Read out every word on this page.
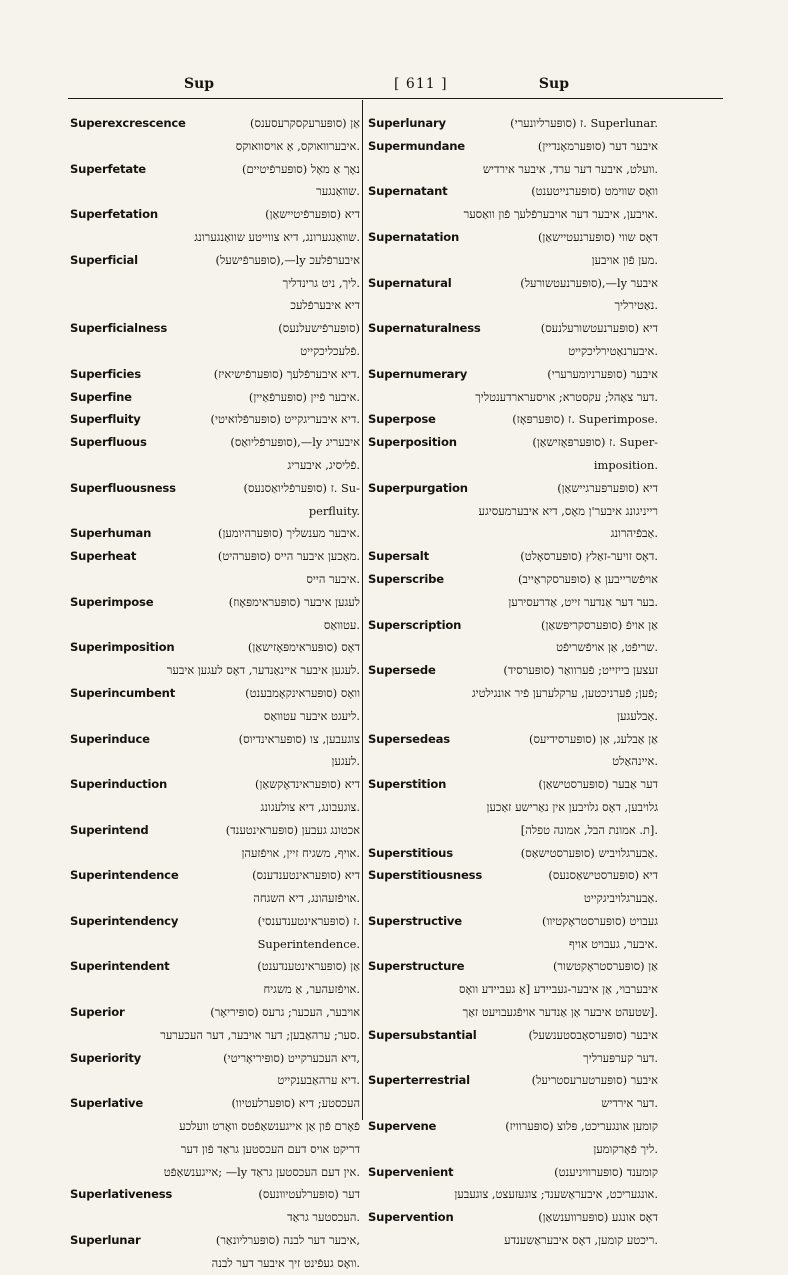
Sup	[ 611 ]	Sup
Superexcrescence	(סופּערעקסקרעסענס) אַן
איבערוואוקס, אַ אויסוואוקס.
Superfetate	(סופּערפֿיטיים) נאָך אַ מאָל
שוואַנגער.
Superfetation	(סופּערפֿיטיישאַן) דיא
שוואַנגערונג, דיא צווייטע שוואַנגערונג.
Superficial	(סופּערפֿישעל),—ly איבערפֿלעכ
ליך, ניט גרינדליך.
דיא איבערפֿלעכ
Superficialness	(סופּערפֿישעלנעס)
פֿלעכליכקייט.
Superficies	(סופּערפֿישיאיז) דיא איבערפֿלעך.
Superfine	(סופּערפֿאַיין) איבער פֿיין.
Superfluity	(סופּערפֿלואיטי) דיא איבעריגקייט.
Superfluous	(סופּערפֿליואַס),—ly איבעריג
פֿליסיג, איבעריג.
Superfluousness	(סופּערפֿליואַסנעס) ז. Su-
perfluity.
Superhuman	(סופּערהיומען) איבער מענשליך.
Superheat	(סופּערהיט) מאַכען איבער הייס.
איבער הייס.
Superimpose	(סופּעראימפּאָוז) לעגען איבער
עטוואַס.
Superimposition	(סופּעראימפּאָזישאַן) דאָס
לעגען איבער איינאַנדער, דאָס לעגען איבער.
Superincumbent	(סופּעראינקאָמבענט) וואָס
ליעגט איבער עטוואַס.
Superinduce	(סופּעראינדיוס) צוגעבען, צו
לעגען.
Superinduction	(סופּעראינדאָקשאַן) דיא
צוגעבונג, דיא צולעגונג.
Superintend	(סופּעראינטענד) אכטונג געבען
אויף, משגיח זיין, אויפֿזעהן.
Superintendence	(סופּעראינטענדענס) דיא
אויפֿזעהונג, דיא השגחה.
Superintendency	(סופּעראינטענדענסי) ז.
Superintendence.
Superintendent	(סופּעראינטענדענט) אַן
אויפֿזעהער, אַ משגיח.
Superior	(סופּיריאָר) אויבער, העכער; גרעס
סער; ערהאַבען; דער אויבער, דער העכערער.
Superiority	(סופּיריאָריטי) דיא העכערקייט,
דיא ערהאַבענקייט.
Superlative	(סופּערלעטיוו) העכסטע; דיא
פֿאָרם פֿון אַן אייגענשאַפֿטס וואָרט וועלכע
דריקט אויס דעם העכסטען גראַד פֿון דער
אייגענשאַפֿט; —ly אין דעם העכסטען גראַד.
Superlativeness	(סופּערלעטיוונעס) דער
העכסטער גראַד.
Superlunar	(סופּערליונאַר) איבער דער לבנה,
וואָס געפֿינט זיך איבער דער לבנה.
Superlunary	(סופּערליונערי) ז. Superlunar.
Supermundane	(סופּערמאָנדיין) איבער דער
וועלט, איבער דער ערד, איבער אירדיש.
Supernatant	(סופּערנייטענט) וואָס שווימט
אויבען, איבער דער אויבערפֿלעך פֿון וואַסער.
Supernatation	(סופּערנעטיישאַן) דאָס שווי
מען פֿון אויבען.
Supernatural	(סופּערנעטשורעל),—ly איבער
נאַטירליך.
Supernaturalness	(סופּערנעטשורעלנעס) דיא
איבערנאַטירליכקייט.
Supernumerary	(סופּערניומערערי) איבער
דער צאָהל; עקסטרא; אויסערארדענטליך.
Superpose	(סופּערפּאָז) ז. Superimpose.
Superposition	(סופּערפּאָזישאַן) ז. Super-
imposition.
Superpurgation	(סופּערפּערגיישאַן) דיא
רייניגונג איבער'ן מאָס, דיא איבערמעסיגע
אַבפֿיהרונג.
Supersalt	(סופּערסאָלט) דאָס זויער-זאַלץ.
Superscribe	(סופּערסקראַייב) אויפֿשרייבען אַ
בער דער אַנדער זייט, אַדרעסירען.
Superscription	(סופּערסקריפּשאַן) אַן אויפֿ
שריפֿט, אַן אויפֿשריפֿט.
Supersede	(סופּערסיד) זעצען בייזייט; פֿערוואַר
פֿען; פֿערניכטען, ערקלערען פֿיר אונגילטיג;
אַבלעגען.
Supersedeas	(סופּערסידיעס) אַן אַבלעג, אַן
איינהאַלט.
Superstition	(סופּערסטישאַן) דער אַבער
גלויבען, דאָס גלויבען אין נאַרישע זאַכען
[ת. אמונת הבל, אמונה טפלה].
Superstitious	(סופּערסטישאַס) אַבערגלויביש.
Superstitiousness	(סופּערסטישאַסנעס) דיא
אַבערגלויביגקייט.
Superstructive	(סופּערסטראָקטיוו) געבויט
איבער, געבויט אויף.
Superstructure	(סופּערסטראָקטשור) אַן
איבערבוי, אַן איבער-געביידע [אַ געביידע וואָס
שטעהט איבער אַן אַנדער אויפֿגעבויעט זאַך].
Supersubstantial	(סופּערסאָבסטענשעל) איבער
דער קערפּערליך.
Superterrestrial	(סופּערטערעסטריעל) איבער
דער אירדיש.
Supervene	(סופּערוויז) קומען אונגעריכט, פּלוצ
ליך פֿאָרקומען.
Supervenient	(סופּערוויניענט) קומענד
אונגעריכט, איבעראַשענד; צוגעזעצט, צוגעבען.
Supervention	(סופּערווענשאַן) דאָס אונגע
ריכטע קומען, דאָס איבעראַשענדע.
